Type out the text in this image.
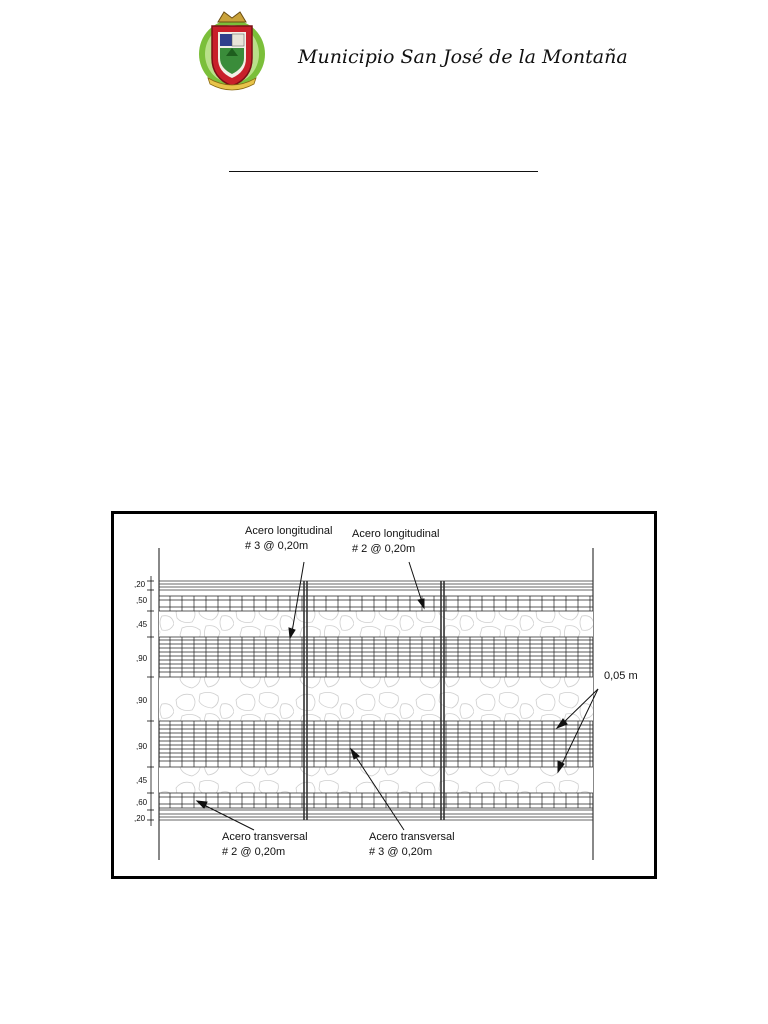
Municipio San José de la Montaña
Acero longitudinal
# 3 @ 0,20m
Acero longitudinal
# 2 @ 0,20m
0,05 m
Acero transversal
# 2 @ 0,20m
Acero transversal
# 3 @ 0,20m
,20
,50
,45
,90
,90
,90
,45
,60
,20
